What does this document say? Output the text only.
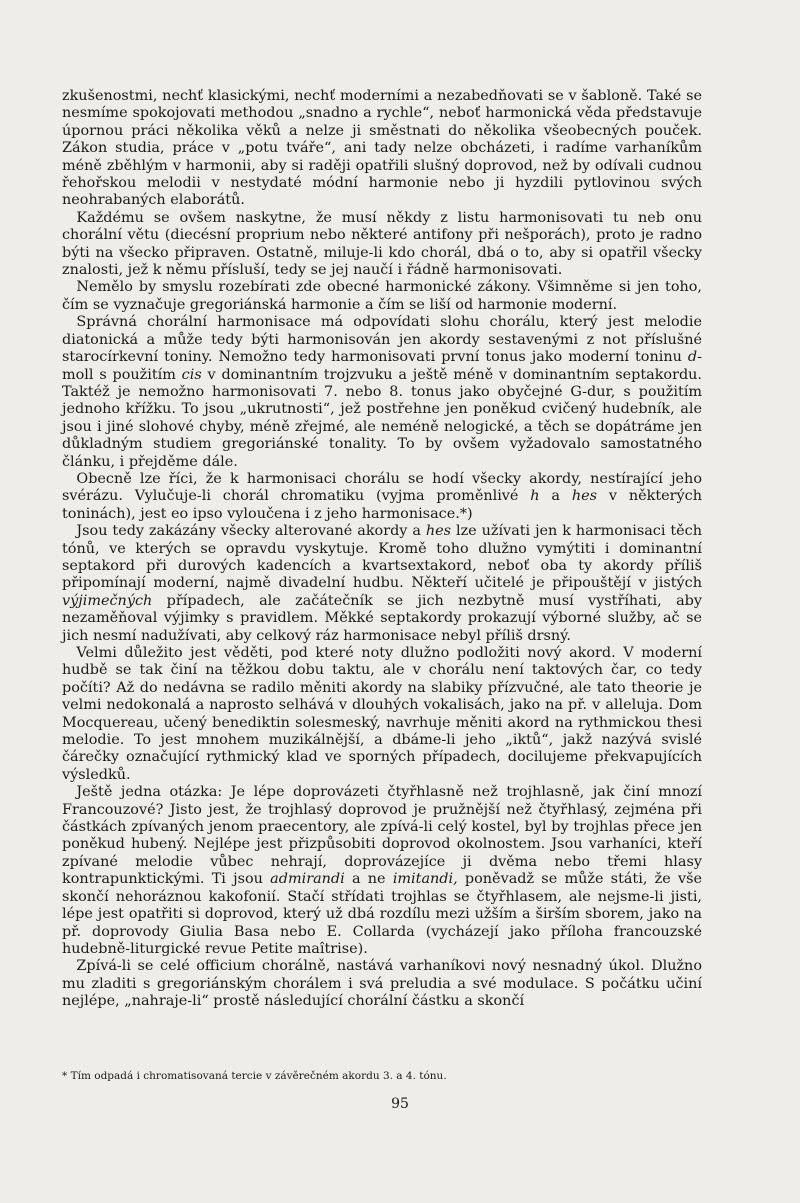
zkušenostmi, nechť klasickými, nechť moderními a nezabedňovati se v šabloně. Také se nesmíme spokojovati methodou „snadno a rychle“, neboť harmonická věda představuje úpornou práci několika věků a nelze ji směstnati do několika všeobecných pouček. Zákon studia, práce v „potu tváře“, ani tady nelze obcházeti, i radíme varhaníkům méně zběhlým v harmonii, aby si raději opatřili slušný doprovod, než by odívali cudnou řehořskou melodii v nestydaté módní harmonie nebo ji hyzdili pytlovinou svých neohrabaných elaborátů.

Každému se ovšem naskytne, že musí někdy z listu harmonisovati tu neb onu chorální větu (diecésní proprium nebo některé antifony při nešporách), proto je radno býti na všecko připraven. Ostatně, miluje-li kdo chorál, dbá o to, aby si opatřil všecky znalosti, jež k němu přísluší, tedy se jej naučí i řádně harmonisovati.

Nemělo by smyslu rozebírati zde obecné harmonické zákony. Všimněme si jen toho, čím se vyznačuje gregoriánská harmonie a čím se liší od harmonie moderní.

Správná chorální harmonisace má odpovídati slohu chorálu, který jest melodie diatonická a může tedy býti harmonisován jen akordy sestavenými z not příslušné starocírkevní toniny. Nemožno tedy harmonisovati první tonus jako moderní toninu d-moll s použitím cis v dominantním trojzvuku a ještě méně v dominantním septakordu. Taktéž je nemožno harmonisovati 7. nebo 8. tonus jako obyčejné G-dur, s použitím jednoho křížku. To jsou „ukrutnosti“, jež postřehne jen poněkud cvičený hudebník, ale jsou i jiné slohové chyby, méně zřejmé, ale neméně nelogické, a těch se dopátráme jen důkladným studiem gregoriánské tonality. To by ovšem vyžadovalo samostatného článku, i přejděme dále.

Obecně lze říci, že k harmonisaci chorálu se hodí všecky akordy, nestírající jeho svérázu. Vylučuje-li chorál chromatiku (vyjma proměnlivé h a hes v některých toninách), jest eo ipso vyloučena i z jeho harmonisace.*)

Jsou tedy zakázány všecky alterované akordy a hes lze užívati jen k harmonisaci těch tónů, ve kterých se opravdu vyskytuje. Kromě toho dlužno vymýtiti i dominantní septakord při durových kadencích a kvartsextakord, neboť oba ty akordy příliš připomínají moderní, najmě divadelní hudbu. Někteří učitelé je připouštějí v jistých výjimečných případech, ale začátečník se jich nezbytně musí vystříhati, aby nezaměňoval výjimky s pravidlem. Měkké septakordy prokazují výborné služby, ač se jich nesmí nadužívati, aby celkový ráz harmonisace nebyl příliš drsný.

Velmi důležito jest věděti, pod které noty dlužno podložiti nový akord. V moderní hudbě se tak činí na těžkou dobu taktu, ale v chorálu není taktových čar, co tedy počíti? Až do nedávna se radilo měniti akordy na slabiky přízvučné, ale tato theorie je velmi nedokonalá a naprosto selhává v dlouhých vokalisách, jako na př. v alleluja. Dom Mocquereau, učený benediktin solesmeský, navrhuje měniti akord na rythmickou thesi melodie. To jest mnohem muzikálnější, a dbáme-li jeho „iktů“, jakž nazývá svislé čárečky označující rythmický klad ve sporných případech, docilujeme překvapujících výsledků.

Ještě jedna otázka: Je lépe doprovázeti čtyřhlasně než trojhlasně, jak činí mnozí Francouzové? Jisto jest, že trojhlasý doprovod je pružnější než čtyřhlasý, zejména při částkách zpívaných jenom praecentory, ale zpívá-li celý kostel, byl by trojhlas přece jen poněkud hubený. Nejlépe jest přizpůsobiti doprovod okolnostem. Jsou varhaníci, kteří zpívané melodie vůbec nehrají, doprovázejíce ji dvěma nebo třemi hlasy kontrapunktickými. Ti jsou admirandi a ne imitandi, poněvadž se může státi, že vše skončí nehoráznou kakofonií. Stačí střídati trojhlas se čtyřhlasem, ale nejsme-li jisti, lépe jest opatřiti si doprovod, který už dbá rozdílu mezi užším a širším sborem, jako na př. doprovody Giulia Basa nebo E. Collarda (vycházejí jako příloha francouzské hudebně-liturgické revue Petite maîtrise).

Zpívá-li se celé officium chorálně, nastává varhaníkovi nový nesnadný úkol. Dlužno mu zladiti s gregoriánským chorálem i svá preludia a své modulace. S počátku učiní nejlépe, „nahraje-li“ prostě následující chorální částku a skončí

* Tím odpadá i chromatisovaná tercie v závěrečném akordu 3. a 4. tónu.
95
